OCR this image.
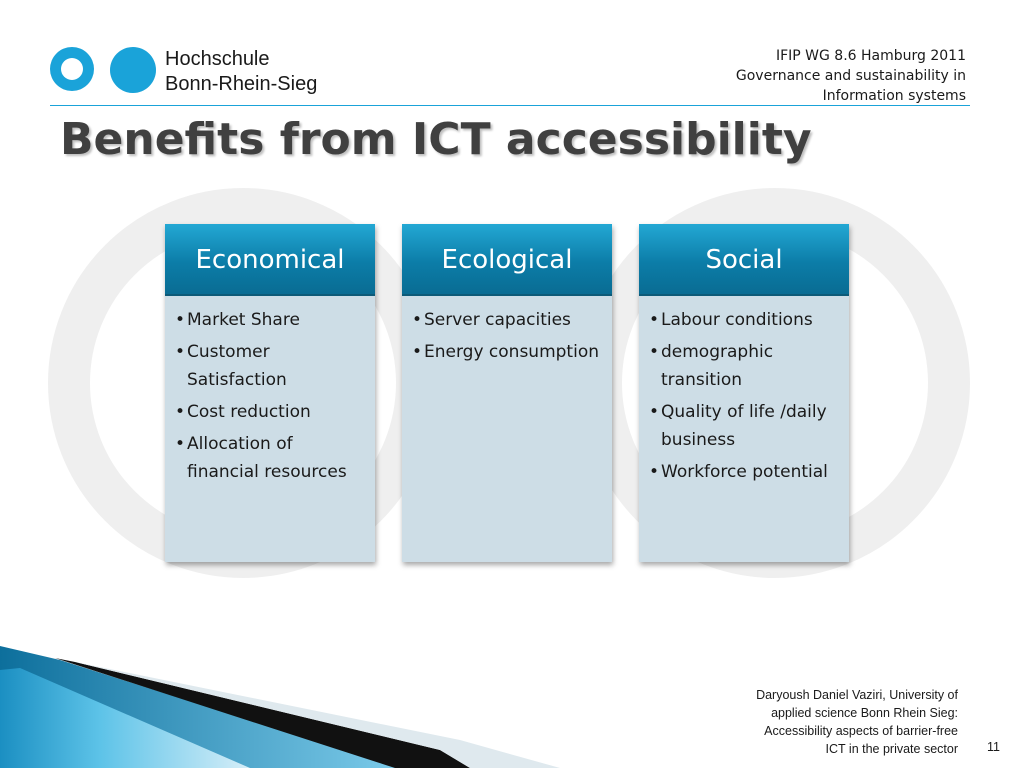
Hochschule
Bonn-Rhein-Sieg
IFIP WG 8.6 Hamburg 2011
Governance and sustainability in
Information systems
Benefits from ICT accessibility
Economical
• Market Share
• Customer Satisfaction
• Cost reduction
• Allocation of financial resources
Ecological
• Server capacities
• Energy consumption
Social
• Labour conditions
• demographic transition
• Quality of life /daily business
• Workforce potential
Daryoush Daniel Vaziri, University of
applied science Bonn Rhein Sieg:
Accessibility aspects of barrier-free
ICT in the private sector 11
